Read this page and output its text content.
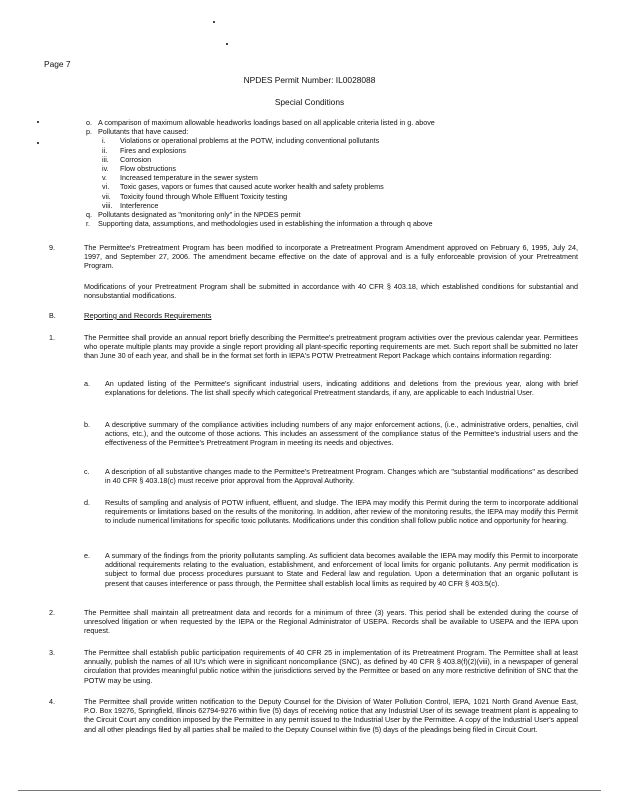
Page 7
NPDES Permit Number: IL0028088
Special Conditions
o. A comparison of maximum allowable headworks loadings based on all applicable criteria listed in g. above
p. Pollutants that have caused:
i. Violations or operational problems at the POTW, including conventional pollutants
ii. Fires and explosions
iii. Corrosion
iv. Flow obstructions
v. Increased temperature in the sewer system
vi. Toxic gases, vapors or fumes that caused acute worker health and safety problems
vii. Toxicity found through Whole Effluent Toxicity testing
viii. Interference
q. Pollutants designated as "monitoring only" in the NPDES permit
r. Supporting data, assumptions, and methodologies used in establishing the information a through q above
9.	The Permittee's Pretreatment Program has been modified to incorporate a Pretreatment Program Amendment approved on February 6, 1995, July 24, 1997, and September 27, 2006. The amendment became effective on the date of approval and is a fully enforceable provision of your Pretreatment Program.
Modifications of your Pretreatment Program shall be submitted in accordance with 40 CFR § 403.18, which established conditions for substantial and nonsubstantial modifications.
B.	Reporting and Records Requirements
1.	The Permittee shall provide an annual report briefly describing the Permittee's pretreatment program activities over the previous calendar year. Permittees who operate multiple plants may provide a single report providing all plant-specific reporting requirements are met. Such report shall be submitted no later than June 30 of each year, and shall be in the format set forth in IEPA's POTW Pretreatment Report Package which contains information regarding:
a. An updated listing of the Permittee's significant industrial users, indicating additions and deletions from the previous year, along with brief explanations for deletions. The list shall specify which categorical Pretreatment standards, if any, are applicable to each Industrial User.
b. A descriptive summary of the compliance activities including numbers of any major enforcement actions, (i.e., administrative orders, penalties, civil actions, etc.), and the outcome of those actions. This includes an assessment of the compliance status of the Permittee's industrial users and the effectiveness of the Permittee's Pretreatment Program in meeting its needs and objectives.
c. A description of all substantive changes made to the Permittee's Pretreatment Program. Changes which are "substantial modifications" as described in 40 CFR § 403.18(c) must receive prior approval from the Approval Authority.
d. Results of sampling and analysis of POTW influent, effluent, and sludge. The IEPA may modify this Permit during the term to incorporate additional requirements or limitations based on the results of the monitoring. In addition, after review of the monitoring results, the IEPA may modify this Permit to include numerical limitations for specific toxic pollutants. Modifications under this condition shall follow public notice and opportunity for hearing.
e. A summary of the findings from the priority pollutants sampling. As sufficient data becomes available the IEPA may modify this Permit to incorporate additional requirements relating to the evaluation, establishment, and enforcement of local limits for organic pollutants. Any permit modification is subject to formal due process procedures pursuant to State and Federal law and regulation. Upon a determination that an organic pollutant is present that causes interference or pass through, the Permittee shall establish local limits as required by 40 CFR § 403.5(c).
2.	The Permittee shall maintain all pretreatment data and records for a minimum of three (3) years. This period shall be extended during the course of unresolved litigation or when requested by the IEPA or the Regional Administrator of USEPA. Records shall be available to USEPA and the IEPA upon request.
3.	The Permittee shall establish public participation requirements of 40 CFR 25 in implementation of its Pretreatment Program. The Permittee shall at least annually, publish the names of all IU's which were in significant noncompliance (SNC), as defined by 40 CFR § 403.8(f)(2)(viii), in a newspaper of general circulation that provides meaningful public notice within the jurisdictions served by the Permittee or based on any more restrictive definition of SNC that the POTW may be using.
4.	The Permittee shall provide written notification to the Deputy Counsel for the Division of Water Pollution Control, IEPA, 1021 North Grand Avenue East, P.O. Box 19276, Springfield, Illinois 62794-9276 within five (5) days of receiving notice that any Industrial User of its sewage treatment plant is appealing to the Circuit Court any condition imposed by the Permittee in any permit issued to the Industrial User by the Permittee. A copy of the Industrial User's appeal and all other pleadings filed by all parties shall be mailed to the Deputy Counsel within five (5) days of the pleadings being filed in Circuit Court.
